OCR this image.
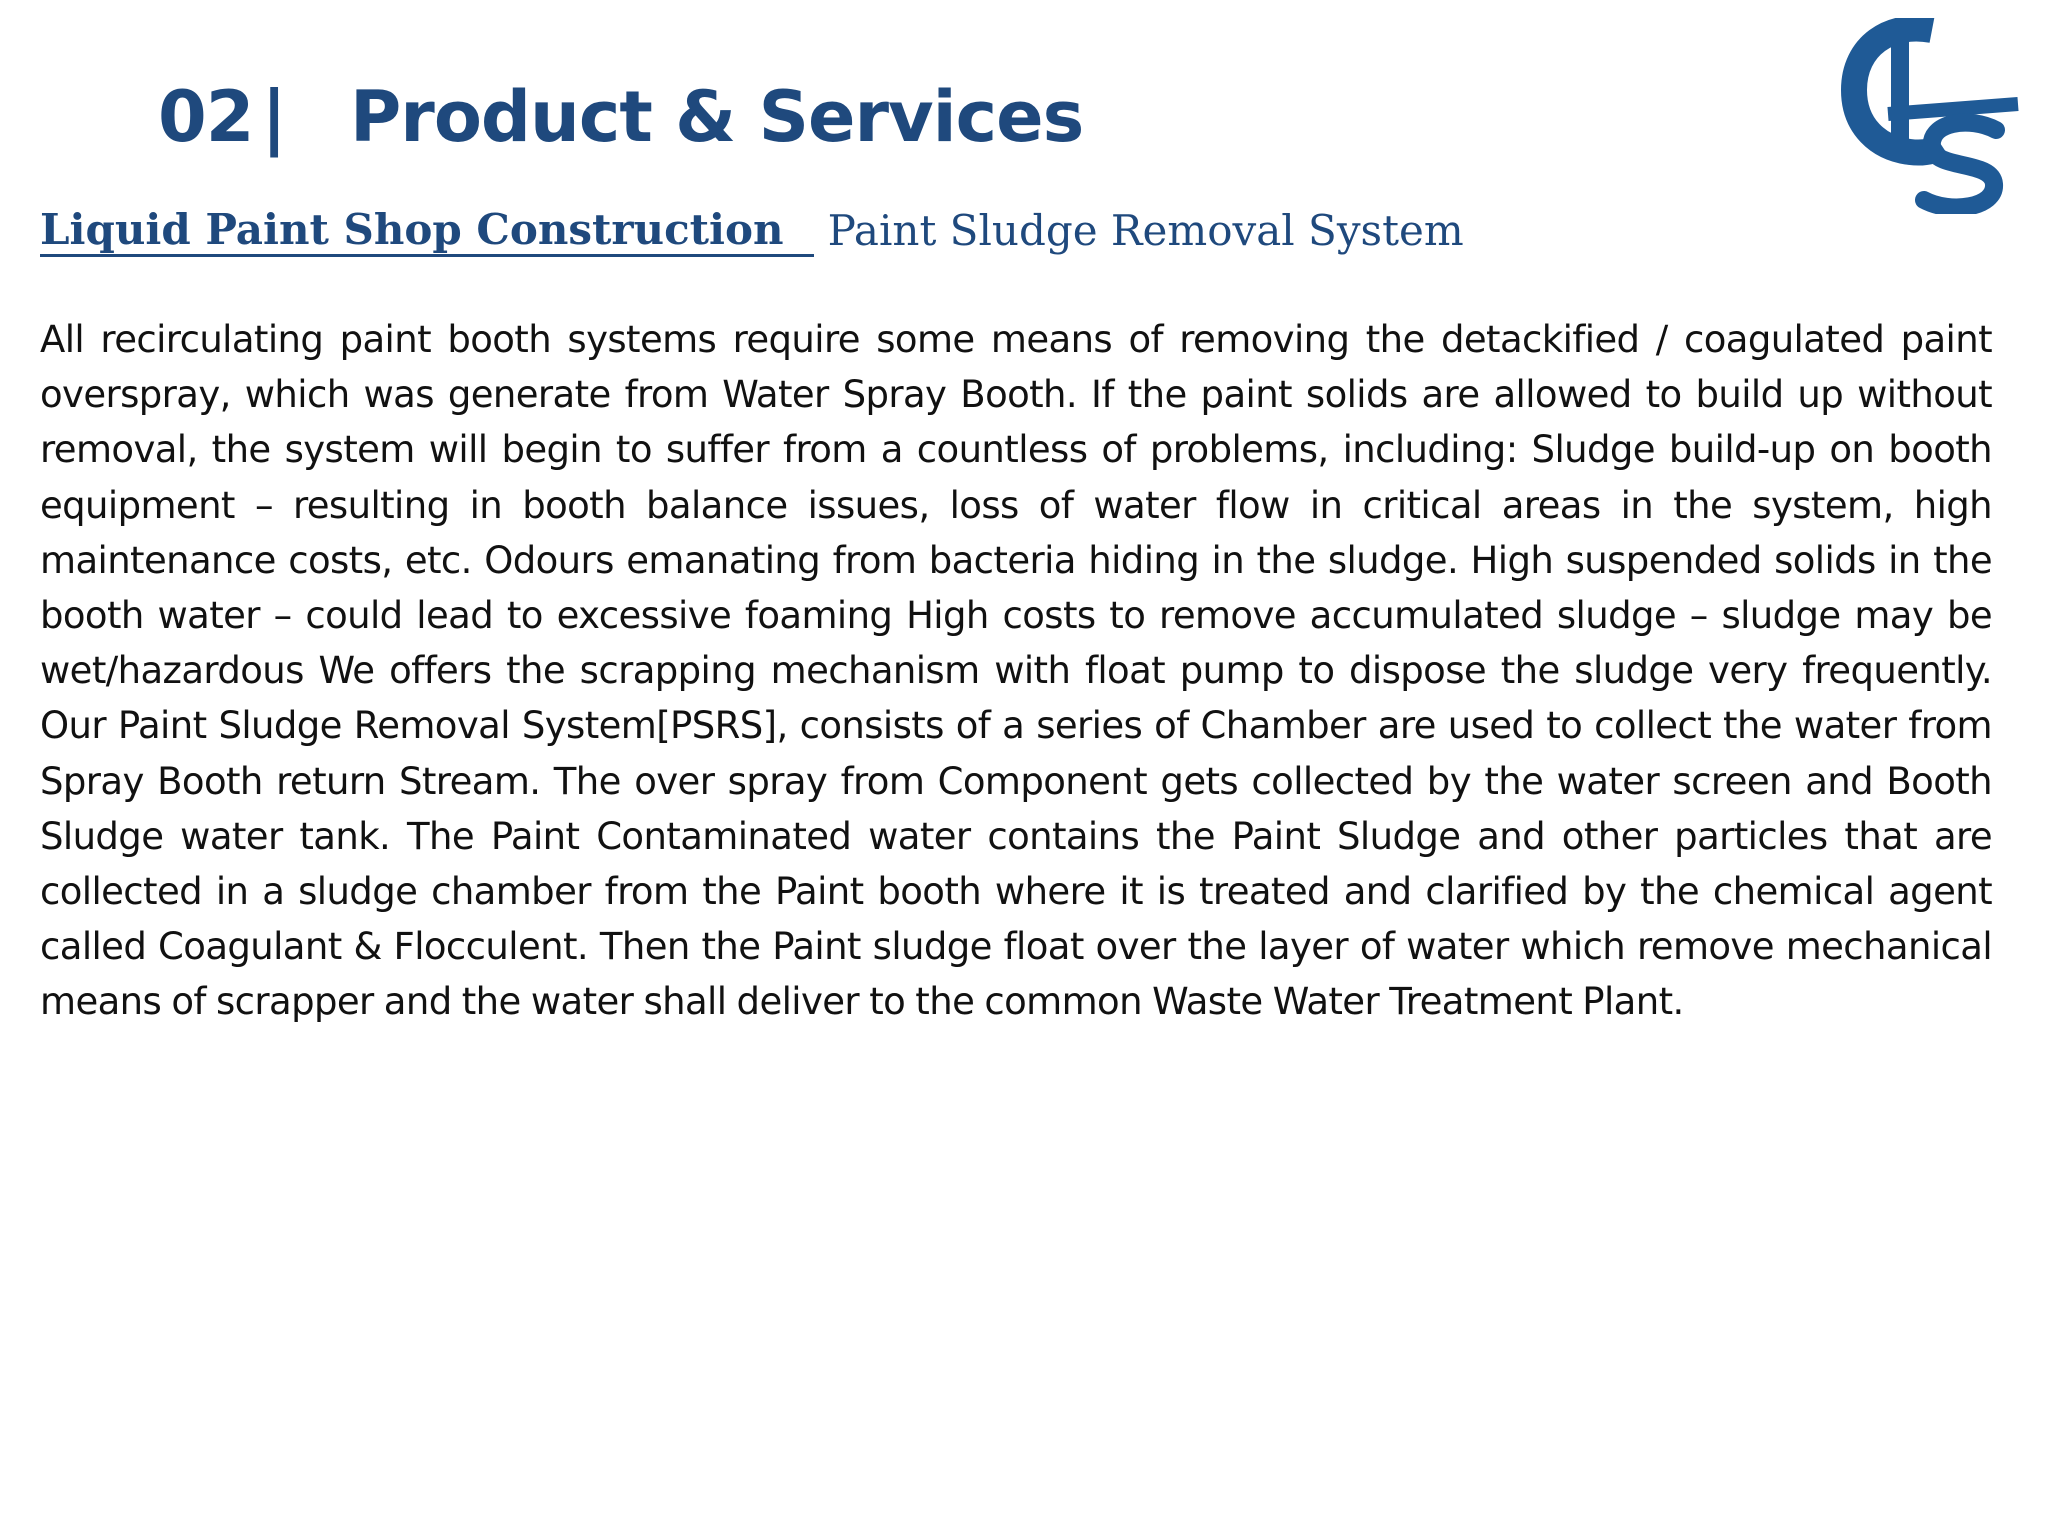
02 | Product & Services
Liquid Paint Shop Construction	Paint Sludge Removal System
All recirculating paint booth systems require some means of removing the detackified / coagulated paint overspray, which was generate from Water Spray Booth. If the paint solids are allowed to build up without removal, the system will begin to suffer from a countless of problems, including: Sludge build-up on booth equipment – resulting in booth balance issues, loss of water flow in critical areas in the system, high maintenance costs, etc. Odours emanating from bacteria hiding in the sludge. High suspended solids in the booth water – could lead to excessive foaming High costs to remove accumulated sludge – sludge may be wet/hazardous We offers the scrapping mechanism with float pump to dispose the sludge very frequently. Our Paint Sludge Removal System[PSRS], consists of a series of Chamber are used to collect the water from Spray Booth return Stream. The over spray from Component gets collected by the water screen and Booth Sludge water tank. The Paint Contaminated water contains the Paint Sludge and other particles that are collected in a sludge chamber from the Paint booth where it is treated and clarified by the chemical agent called Coagulant & Flocculent. Then the Paint sludge float over the layer of water which remove mechanical means of scrapper and the water shall deliver to the common Waste Water Treatment Plant.
